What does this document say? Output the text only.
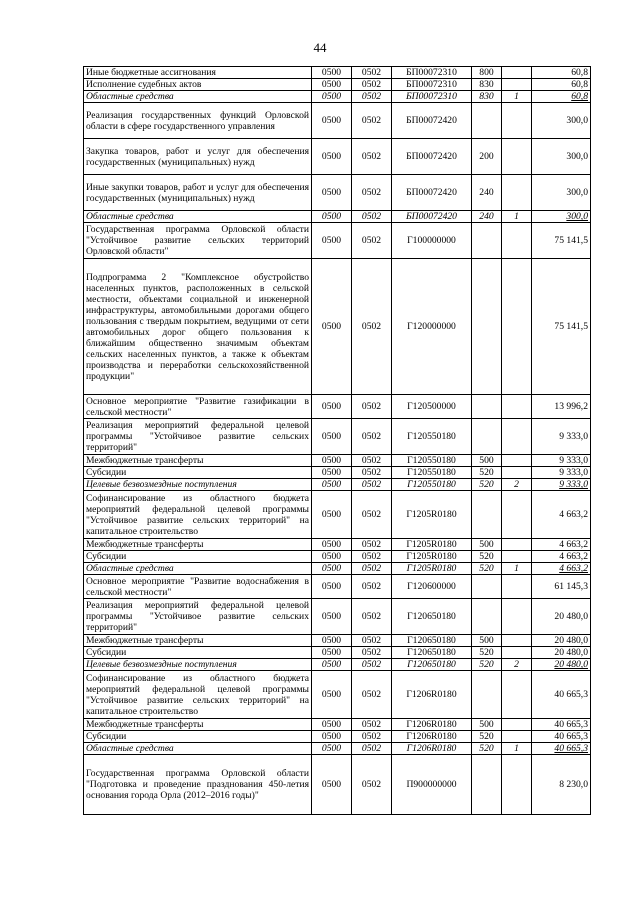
44
Иные бюджетные ассигнования	0500	0502	БП00072310	800		60,8
Исполнение судебных актов	0500	0502	БП00072310	830		60,8
Областные средства	0500	0502	БП00072310	830	1	60,8
Реализация государственных функций Орловской области в сфере государственного управления	0500	0502	БП00072420			300,0
Закупка товаров, работ и услуг для обеспечения государственных (муниципальных) нужд	0500	0502	БП00072420	200		300,0
Иные закупки товаров, работ и услуг для обеспечения государственных (муниципальных) нужд	0500	0502	БП00072420	240		300,0
Областные средства	0500	0502	БП00072420	240	1	300,0
Государственная программа Орловской области "Устойчивое развитие сельских территорий Орловской области"	0500	0502	Г100000000			75 141,5
Подпрограмма 2 "Комплексное обустройство населенных пунктов, расположенных в сельской местности, объектами социальной и инженерной инфраструктуры, автомобильными дорогами общего пользования с твердым покрытием, ведущими от сети автомобильных дорог общего пользования к ближайшим общественно значимым объектам сельских населенных пунктов, а также к объектам производства и переработки сельскохозяйственной продукции"	0500	0502	Г120000000			75 141,5
Основное мероприятие "Развитие газификации в сельской местности"	0500	0502	Г120500000			13 996,2
Реализация мероприятий федеральной целевой программы "Устойчивое развитие сельских территорий"	0500	0502	Г120550180			9 333,0
Межбюджетные трансферты	0500	0502	Г120550180	500		9 333,0
Субсидии	0500	0502	Г120550180	520		9 333,0
Целевые безвозмездные поступления	0500	0502	Г120550180	520	2	9 333,0
Софинансирование из областного бюджета мероприятий федеральной целевой программы "Устойчивое развитие сельских территорий" на капитальное строительство	0500	0502	Г1205R0180			4 663,2
Межбюджетные трансферты	0500	0502	Г1205R0180	500		4 663,2
Субсидии	0500	0502	Г1205R0180	520		4 663,2
Областные средства	0500	0502	Г1205R0180	520	1	4 663,2
Основное мероприятие "Развитие водоснабжения в сельской местности"	0500	0502	Г120600000			61 145,3
Реализация мероприятий федеральной целевой программы "Устойчивое развитие сельских территорий"	0500	0502	Г120650180			20 480,0
Межбюджетные трансферты	0500	0502	Г120650180	500		20 480,0
Субсидии	0500	0502	Г120650180	520		20 480,0
Целевые безвозмездные поступления	0500	0502	Г120650180	520	2	20 480,0
Софинансирование из областного бюджета мероприятий федеральной целевой программы "Устойчивое развитие сельских территорий" на капитальное строительство	0500	0502	Г1206R0180			40 665,3
Межбюджетные трансферты	0500	0502	Г1206R0180	500		40 665,3
Субсидии	0500	0502	Г1206R0180	520		40 665,3
Областные средства	0500	0502	Г1206R0180	520	1	40 665,3
Государственная программа Орловской области "Подготовка и проведение празднования 450-летия основания города Орла (2012–2016 годы)"	0500	0502	П900000000			8 230,0
